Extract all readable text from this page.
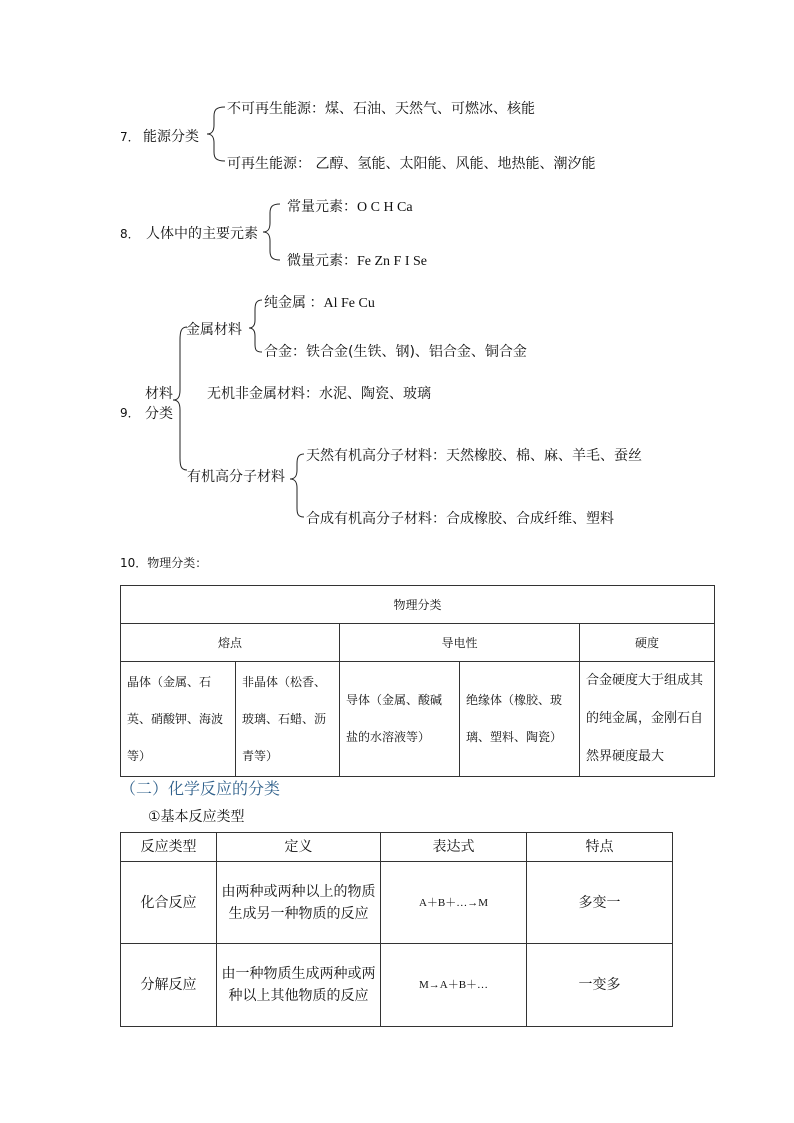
7． 能源分类
不可再生能源：煤、石油、天然气、可燃冰、核能
可再生能源： 乙醇、氢能、太阳能、风能、地热能、潮汐能
8． 人体中的主要元素
常量元素：O C H Ca
微量元素：Fe Zn F I Se
9．
材料
分类
金属材料
纯金属 ：Al Fe Cu
合金：铁合金(生铁、钢)、铝合金、铜合金
无机非金属材料：水泥、陶瓷、玻璃
有机高分子材料
天然有机高分子材料：天然橡胶、棉、麻、羊毛、蚕丝
合成有机高分子材料：合成橡胶、合成纤维、塑料
10．物理分类：
物理分类				
熔点		导电性		硬度
晶体（金属、石英、硝酸钾、海波等）	非晶体（松香、玻璃、石蜡、沥青等）	导体（金属、酸碱盐的水溶液等）	绝缘体（橡胶、玻璃、塑料、陶瓷）	合金硬度大于组成其的纯金属，金刚石自然界硬度最大
（二）化学反应的分类
①基本反应类型
反应类型	定义	表达式	特点
化合反应	由两种或两种以上的物质生成另一种物质的反应	A＋B＋…→M	多变一
分解反应	由一种物质生成两种或两种以上其他物质的反应	M→A＋B＋…	一变多
